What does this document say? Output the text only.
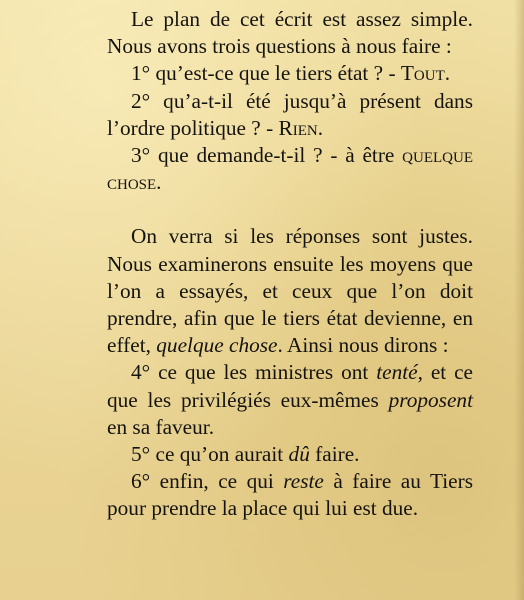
Le plan de cet écrit est assez simple. Nous avons trois questions à nous faire :

1° qu’est-ce que le tiers état ? - Tout.

2° qu’a-t-il été jusqu’à présent dans l’ordre politique ? - Rien.

3° que demande-t-il ? - à être quelque chose.

On verra si les réponses sont justes. Nous examinerons ensuite les moyens que l’on a essayés, et ceux que l’on doit prendre, afin que le tiers état devienne, en effet, quelque chose. Ainsi nous dirons :

4° ce que les ministres ont tenté, et ce que les privilégiés eux-mêmes proposent en sa faveur.

5° ce qu’on aurait dû faire.

6° enfin, ce qui reste à faire au Tiers pour prendre la place qui lui est due.
